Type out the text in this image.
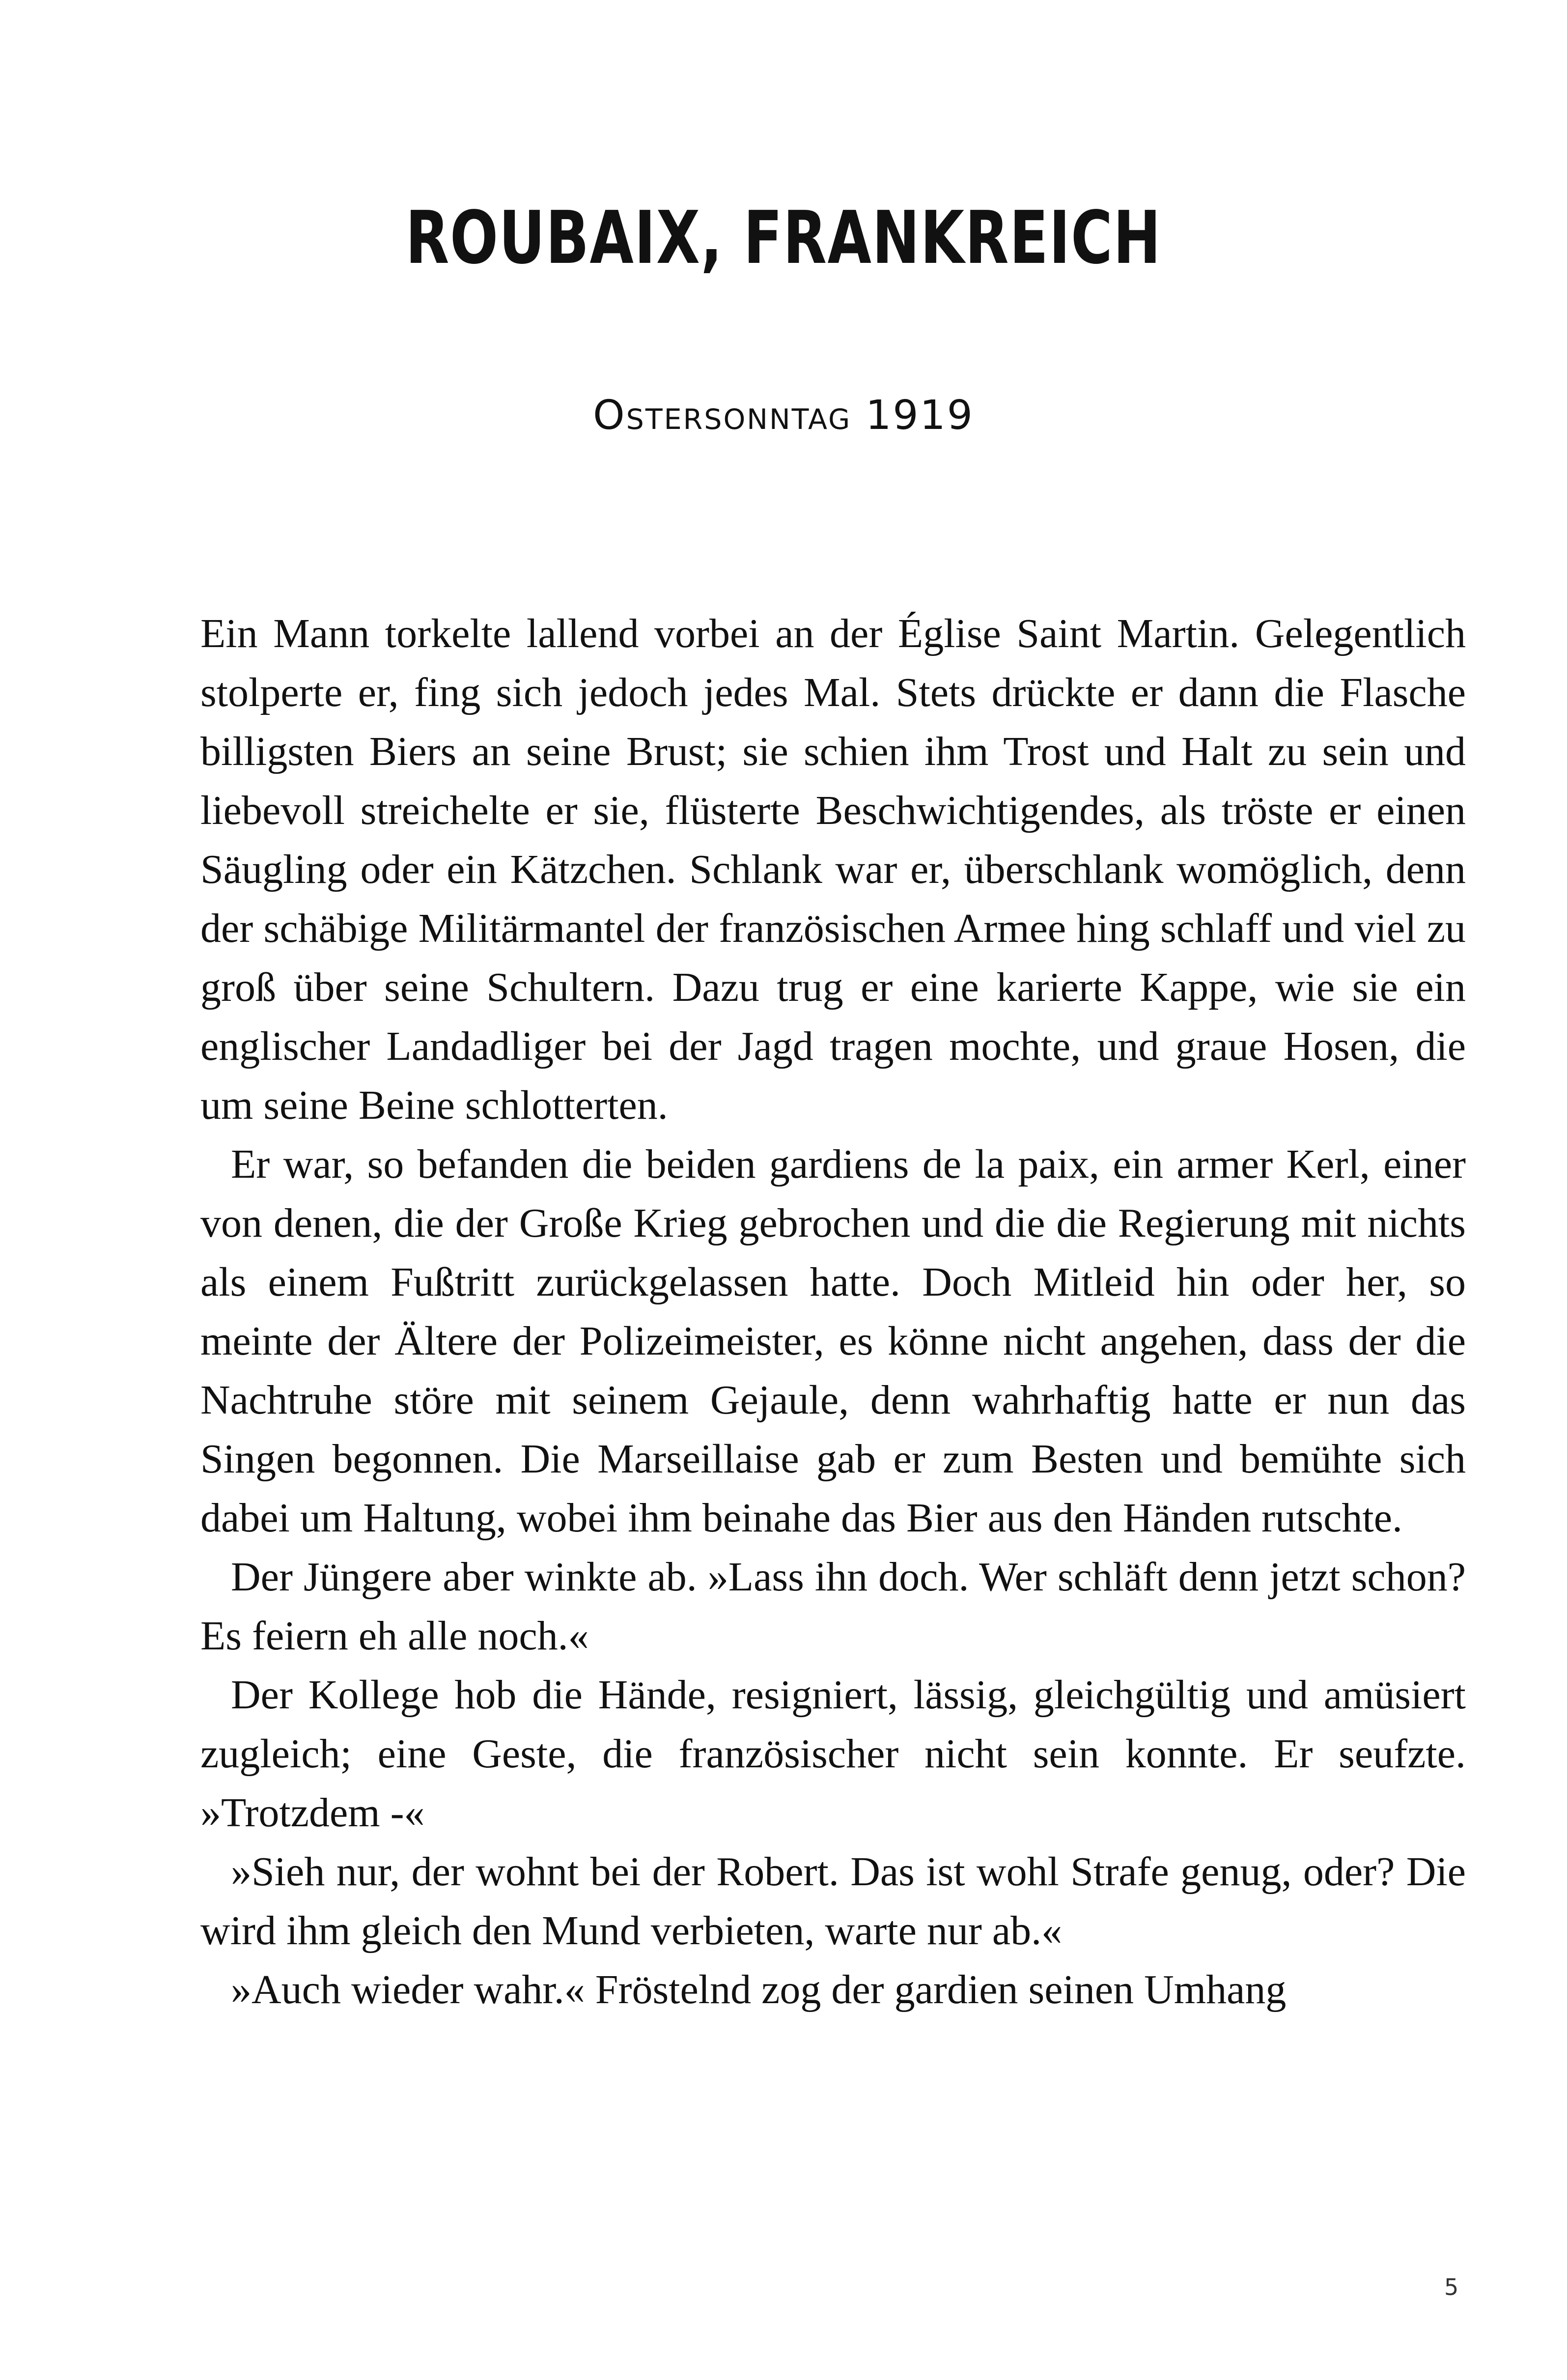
ROUBAIX, FRANKREICH
Ostersonntag 1919

Ein Mann torkelte lallend vorbei an der Église Saint Martin. Gelegentlich stolperte er, fing sich jedoch jedes Mal. Stets drückte er dann die Flasche billigsten Biers an seine Brust; sie schien ihm Trost und Halt zu sein und liebevoll streichelte er sie, flüsterte Beschwichtigendes, als tröste er einen Säugling oder ein Kätzchen. Schlank war er, überschlank womöglich, denn der schäbige Militärmantel der französischen Armee hing schlaff und viel zu groß über seine Schultern. Dazu trug er eine karierte Kappe, wie sie ein englischer Landadliger bei der Jagd tragen mochte, und graue Hosen, die um seine Beine schlotterten.

Er war, so befanden die beiden gardiens de la paix, ein armer Kerl, einer von denen, die der Große Krieg gebrochen und die die Regierung mit nichts als einem Fußtritt zurückgelassen hatte. Doch Mitleid hin oder her, so meinte der Ältere der Polizeimeister, es könne nicht angehen, dass der die Nachtruhe störe mit seinem Gejaule, denn wahrhaftig hatte er nun das Singen begonnen. Die Marseillaise gab er zum Besten und bemühte sich dabei um Haltung, wobei ihm beinahe das Bier aus den Händen rutschte.

Der Jüngere aber winkte ab. »Lass ihn doch. Wer schläft denn jetzt schon? Es feiern eh alle noch.«

Der Kollege hob die Hände, resigniert, lässig, gleichgültig und amüsiert zugleich; eine Geste, die französischer nicht sein konnte. Er seufzte. »Trotzdem -«

»Sieh nur, der wohnt bei der Robert. Das ist wohl Strafe genug, oder? Die wird ihm gleich den Mund verbieten, warte nur ab.«

»Auch wieder wahr.« Fröstelnd zog der gardien seinen Umhang

5
